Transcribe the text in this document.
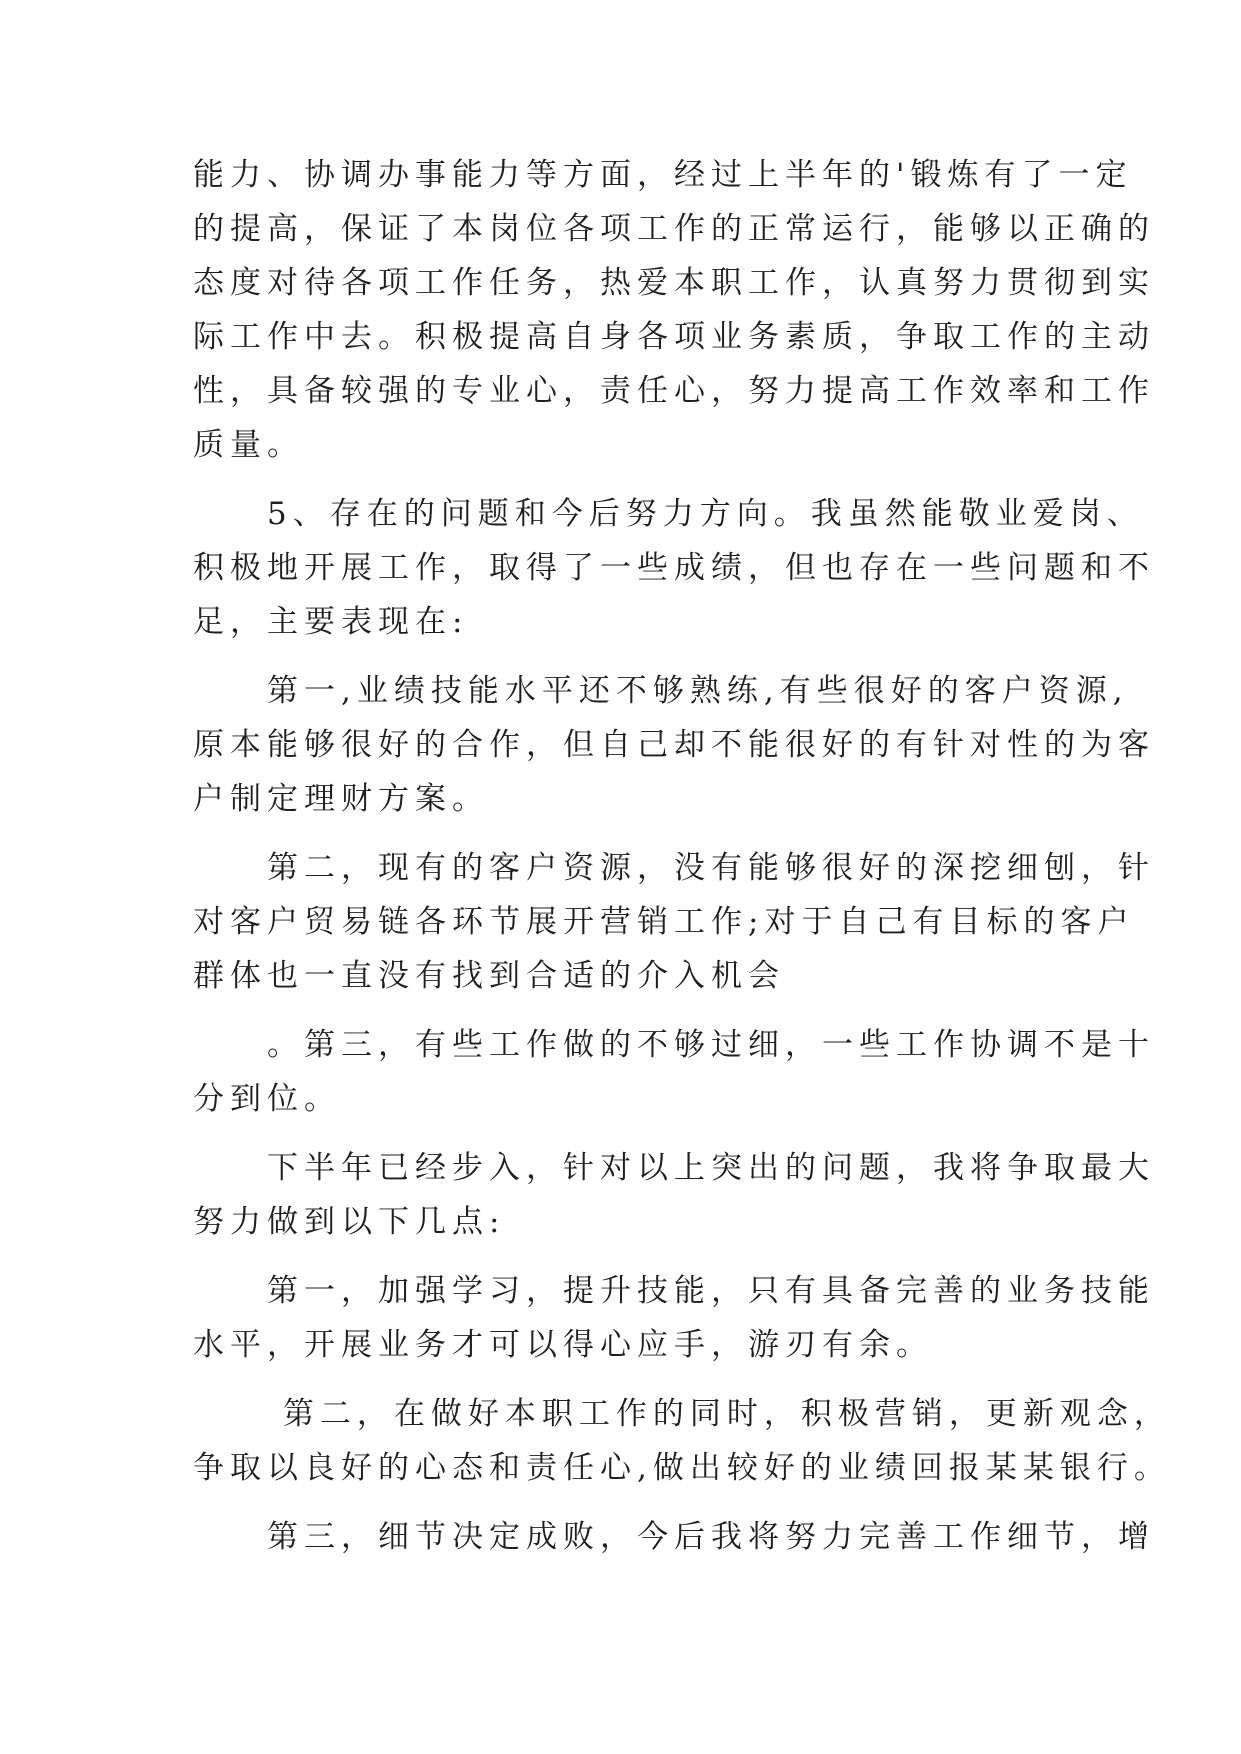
能力、协调办事能力等方面，经过上半年的'锻炼有了一定
的提高，保证了本岗位各项工作的正常运行，能够以正确的
态度对待各项工作任务，热爱本职工作，认真努力贯彻到实
际工作中去。积极提高自身各项业务素质，争取工作的主动
性，具备较强的专业心，责任心，努力提高工作效率和工作
质量。
　　5、存在的问题和今后努力方向。我虽然能敬业爱岗、
积极地开展工作，取得了一些成绩，但也存在一些问题和不
足，主要表现在:
　　第一,业绩技能水平还不够熟练,有些很好的客户资源,
原本能够很好的合作，但自己却不能很好的有针对性的为客
户制定理财方案。
　　第二，现有的客户资源，没有能够很好的深挖细刨，针
对客户贸易链各环节展开营销工作;对于自己有目标的客户
群体也一直没有找到合适的介入机会
　　。第三，有些工作做的不够过细，一些工作协调不是十
分到位。
　　下半年已经步入，针对以上突出的问题，我将争取最大
努力做到以下几点:
　　第一，加强学习，提升技能，只有具备完善的业务技能
水平，开展业务才可以得心应手，游刃有余。
　　 第二，在做好本职工作的同时，积极营销，更新观念，
争取以良好的心态和责任心,做出较好的业绩回报某某银行。
　　第三，细节决定成败，今后我将努力完善工作细节，增
